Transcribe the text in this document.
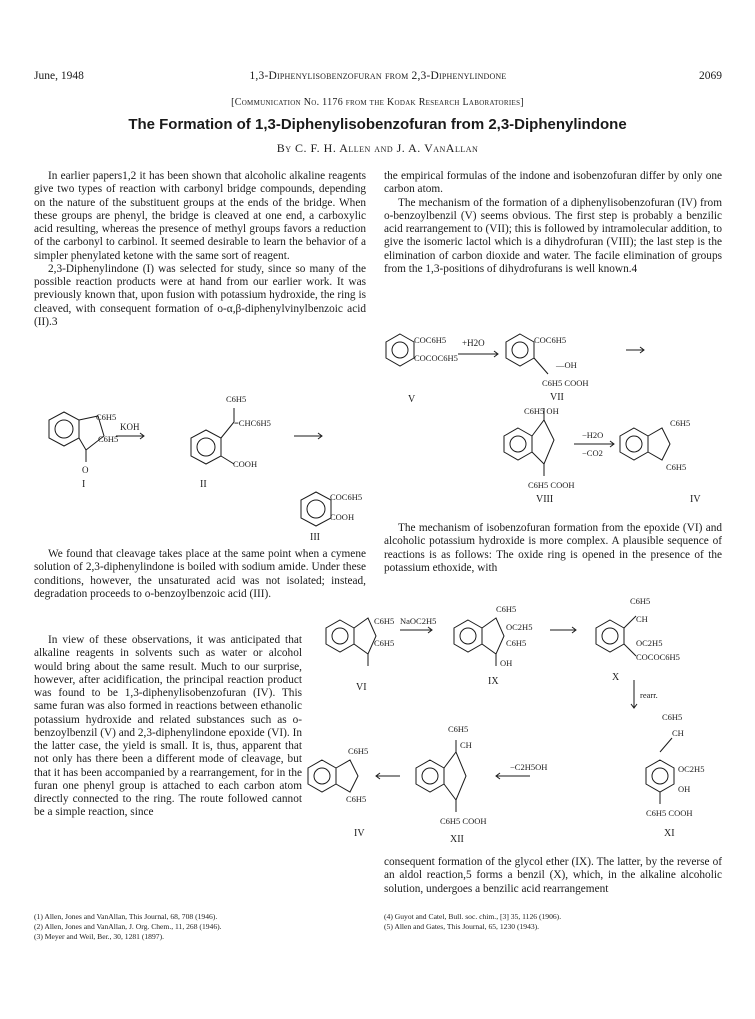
June, 1948	1,3-Diphenylisobenzofuran from 2,3-Diphenylindone	2069
[Communication No. 1176 from the Kodak Research Laboratories]
The Formation of 1,3-Diphenylisobenzofuran from 2,3-Diphenylindone
By C. F. H. Allen and J. A. VanAllan

In earlier papers1,2 it has been shown that alcoholic alkaline reagents give two types of reaction with carbonyl bridge compounds, depending on the nature of the substituent groups at the ends of the bridge. When these groups are phenyl, the bridge is cleaved at one end, a carboxylic acid resulting, whereas the presence of methyl groups favors a reduction of the carbonyl to carbinol. It seemed desirable to learn the behavior of a simpler phenylated ketone with the same sort of reagent.

2,3-Diphenylindone (I) was selected for study, since so many of the possible reaction products were at hand from our earlier work. It was previously known that, upon fusion with potassium hydroxide, the ring is cleaved, with consequent formation of o-α,β-diphenylvinylbenzoic acid (II).3

C6H5
C6H5
O
I
KOH
C6H5
=CHC6H5
COOH
II
COC6H5
COOH
III

We found that cleavage takes place at the same point when a cymene solution of 2,3-diphenylindone is boiled with sodium amide. Under these conditions, however, the unsaturated acid was not isolated; instead, degradation proceeds to o-benzoylbenzoic acid (III).

In view of these observations, it was anticipated that alkaline reagents in solvents such as water or alcohol would bring about the same result. Much to our surprise, however, after acidification, the principal reaction product was found to be 1,3-diphenylisobenzofuran (IV). This same furan was also formed in reactions between ethanolic potassium hydroxide and related substances such as o-benzoylbenzil (V) and 2,3-diphenylindone epoxide (VI). In the latter case, the yield is small. It is, thus, apparent that not only has there been a different mode of cleavage, but that it has been accompanied by a rearrangement, for in the furan one phenyl group is attached to each carbon atom directly connected to the ring. The route followed cannot be a simple reaction, since

the empirical formulas of the indone and isobenzofuran differ by only one carbon atom.

The mechanism of the formation of a diphenylisobenzofuran (IV) from o-benzoylbenzil (V) seems obvious. The first step is probably a benzilic acid rearrangement to (VII); this is followed by intramolecular addition, to give the isomeric lactol which is a dihydrofuran (VIII); the last step is the elimination of carbon dioxide and water. The facile elimination of groups from the 1,3-positions of dihydrofurans is well known.4

COC6H5
COCOC6H5
+H2O
V
COC6H5
—OH
C6H5 COOH
VII
C6H5 OH
−H2O
−CO2
C6H5 COOH
VIII
C6H5
C6H5
IV

The mechanism of isobenzofuran formation from the epoxide (VI) and alcoholic potassium hydroxide is more complex. A plausible sequence of reactions is as follows: The oxide ring is opened in the presence of the potassium ethoxide, with

C6H5
C6H5
VI
NaOC2H5
C6H5
OC2H5
C6H5
OH
IX
C6H5
CH
OC2H5
COCOC6H5
X
rearr.
C6H5
CH
OC2H5
OH
C6H5 COOH
XI
−C2H5OH
C6H5
CH
C6H5 COOH
XII
C6H5
C6H5
IV

consequent formation of the glycol ether (IX). The latter, by the reverse of an aldol reaction,5 forms a benzil (X), which, in the alkaline alcoholic solution, undergoes a benzilic acid rearrangement

(1) Allen, Jones and VanAllan, This Journal, 68, 708 (1946).
(2) Allen, Jones and VanAllan, J. Org. Chem., 11, 268 (1946).
(3) Meyer and Weil, Ber., 30, 1281 (1897).
(4) Guyot and Catel, Bull. soc. chim., [3] 35, 1126 (1906).
(5) Allen and Gates, This Journal, 65, 1230 (1943).
